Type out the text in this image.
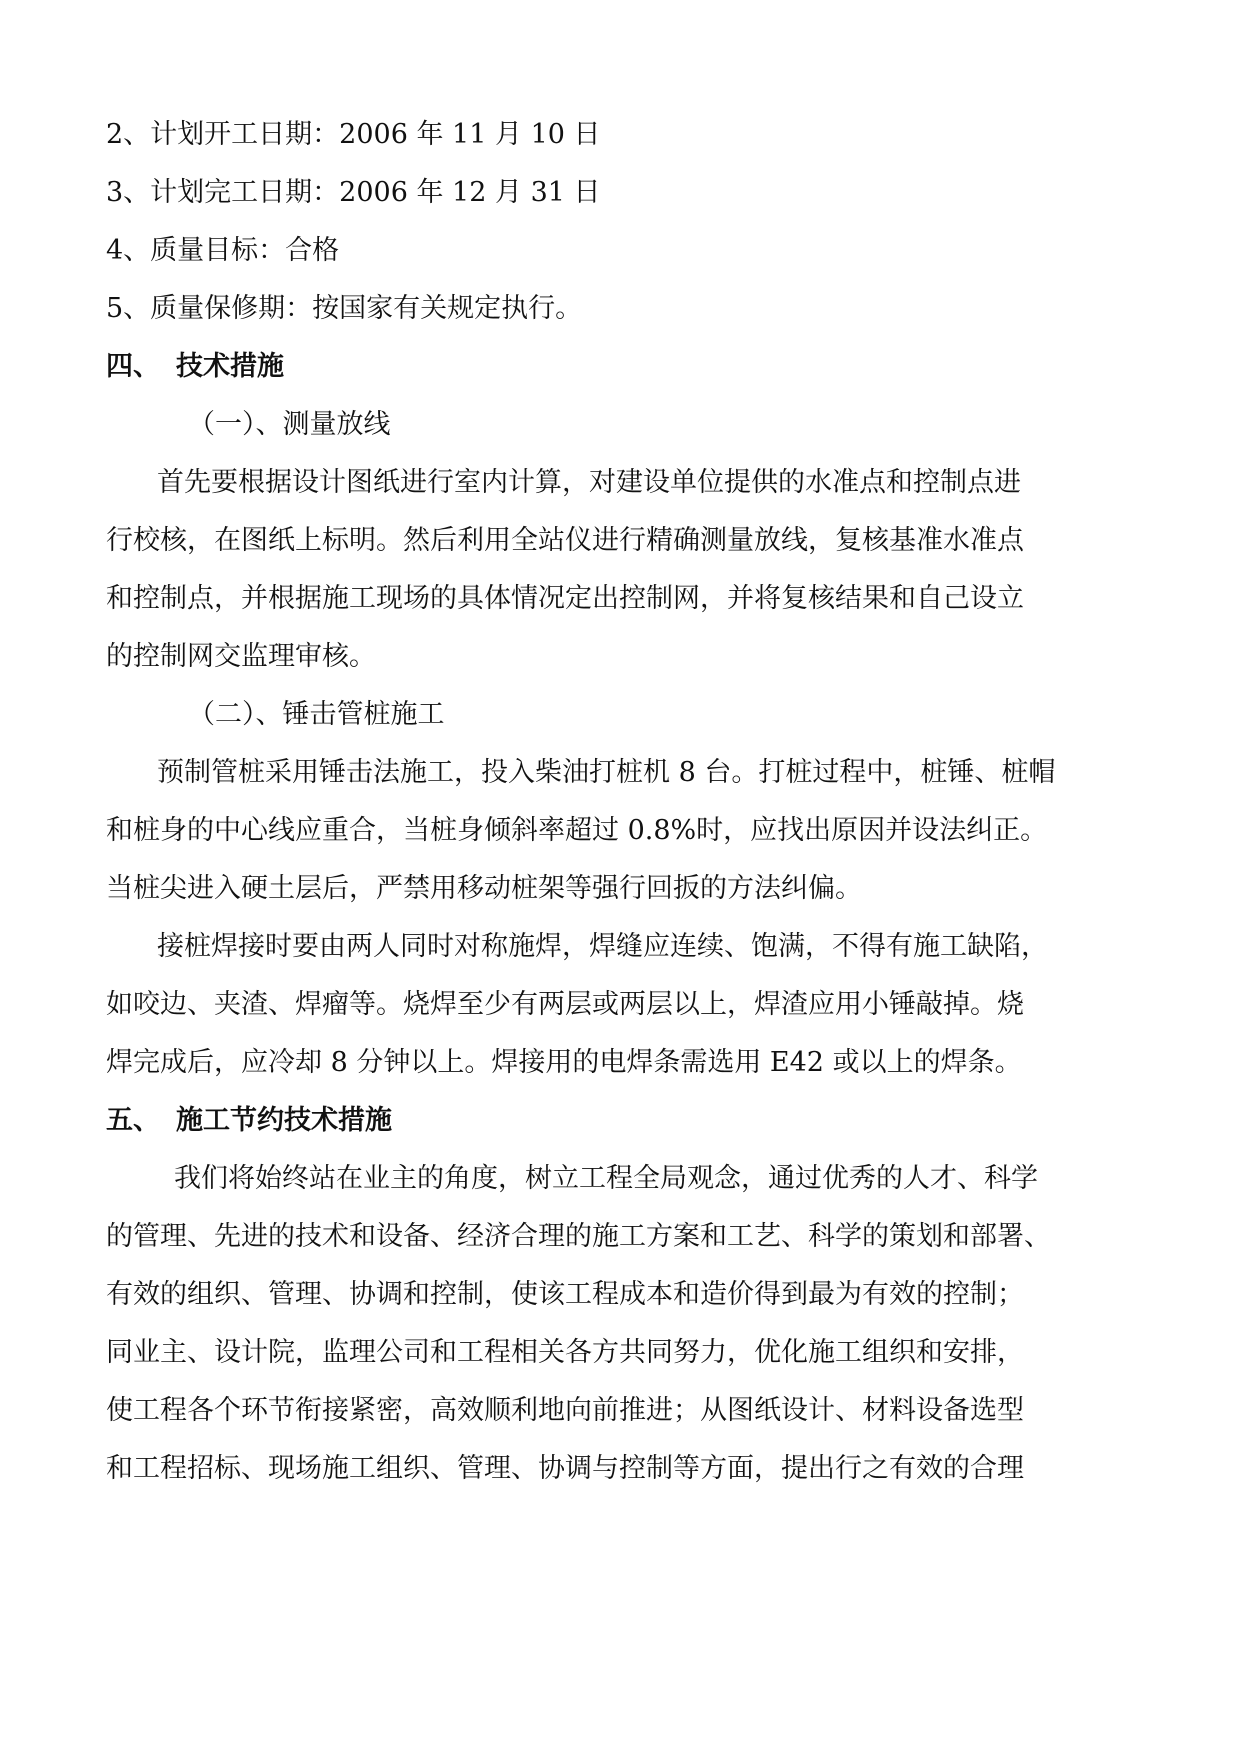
2、计划开工日期：2006 年 11 月 10 日
3、计划完工日期：2006 年 12 月 31 日
4、质量目标：合格
5、质量保修期：按国家有关规定执行。
四、 技术措施
（一）、测量放线
首先要根据设计图纸进行室内计算，对建设单位提供的水准点和控制点进
行校核，在图纸上标明。然后利用全站仪进行精确测量放线，复核基准水准点
和控制点，并根据施工现场的具体情况定出控制网，并将复核结果和自己设立
的控制网交监理审核。
（二）、锤击管桩施工
预制管桩采用锤击法施工，投入柴油打桩机 8 台。打桩过程中，桩锤、桩帽
和桩身的中心线应重合，当桩身倾斜率超过 0.8%时，应找出原因并设法纠正。
当桩尖进入硬土层后，严禁用移动桩架等强行回扳的方法纠偏。
接桩焊接时要由两人同时对称施焊，焊缝应连续、饱满，不得有施工缺陷，
如咬边、夹渣、焊瘤等。烧焊至少有两层或两层以上，焊渣应用小锤敲掉。烧
焊完成后，应冷却 8 分钟以上。焊接用的电焊条需选用 E42 或以上的焊条。
五、 施工节约技术措施
我们将始终站在业主的角度，树立工程全局观念，通过优秀的人才、科学
的管理、先进的技术和设备、经济合理的施工方案和工艺、科学的策划和部署、
有效的组织、管理、协调和控制，使该工程成本和造价得到最为有效的控制；
同业主、设计院，监理公司和工程相关各方共同努力，优化施工组织和安排，
使工程各个环节衔接紧密，高效顺利地向前推进；从图纸设计、材料设备选型
和工程招标、现场施工组织、管理、协调与控制等方面，提出行之有效的合理
